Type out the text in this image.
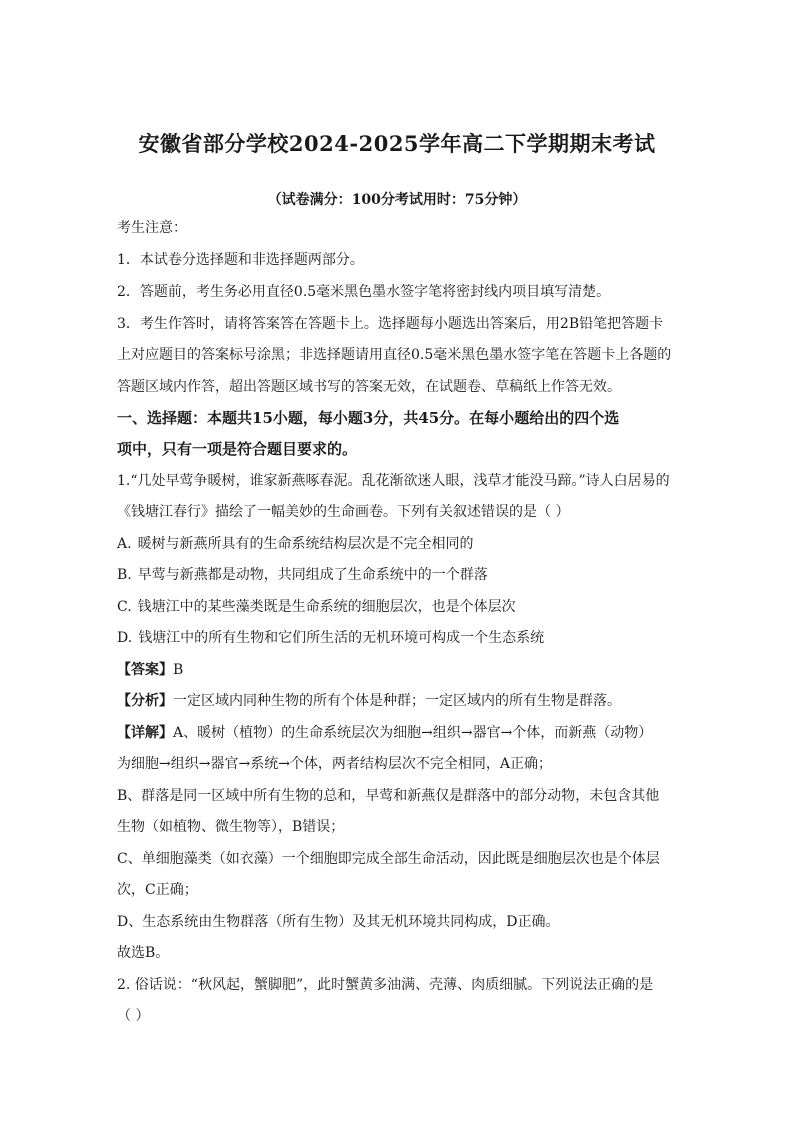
安徽省部分学校2024-2025学年高二下学期期末考试
（试卷满分：100分考试用时：75分钟）
考生注意：
1．本试卷分选择题和非选择题两部分。
2．答题前，考生务必用直径0.5毫米黑色墨水签字笔将密封线内项目填写清楚。
3．考生作答时，请将答案答在答题卡上。选择题每小题选出答案后，用2B铅笔把答题卡
上对应题目的答案标号涂黑；非选择题请用直径0.5毫米黑色墨水签字笔在答题卡上各题的
答题区域内作答，超出答题区域书写的答案无效，在试题卷、草稿纸上作答无效。
一、选择题：本题共15小题，每小题3分，共45分。在每小题给出的四个选
项中，只有一项是符合题目要求的。
1.“几处早莺争暖树，谁家新燕啄春泥。乱花渐欲迷人眼，浅草才能没马蹄。”诗人白居易的
《钱塘江春行》描绘了一幅美妙的生命画卷。下列有关叙述错误的是（ ）
A. 暖树与新燕所具有的生命系统结构层次是不完全相同的
B. 早莺与新燕都是动物，共同组成了生命系统中的一个群落
C. 钱塘江中的某些藻类既是生命系统的细胞层次，也是个体层次
D. 钱塘江中的所有生物和它们所生活的无机环境可构成一个生态系统
【答案】B
【分析】一定区域内同种生物的所有个体是种群；一定区域内的所有生物是群落。
【详解】A、暖树（植物）的生命系统层次为细胞→组织→器官→个体，而新燕（动物）
为细胞→组织→器官→系统→个体，两者结构层次不完全相同，A正确；
B、群落是同一区域中所有生物的总和，早莺和新燕仅是群落中的部分动物，未包含其他
生物（如植物、微生物等），B错误；
C、单细胞藻类（如衣藻）一个细胞即完成全部生命活动，因此既是细胞层次也是个体层
次，C正确；
D、生态系统由生物群落（所有生物）及其无机环境共同构成，D正确。
故选B。
2. 俗话说：“秋风起，蟹脚肥”，此时蟹黄多油满、壳薄、肉质细腻。下列说法正确的是
（ ）
